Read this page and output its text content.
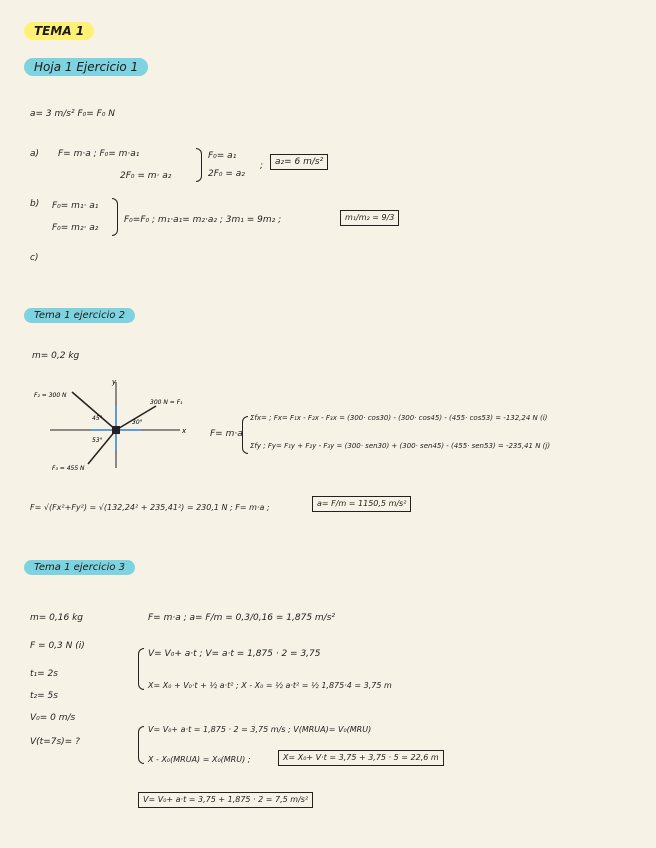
TEMA 1
Hoja 1 Ejercicio 1
a= 3 m/s² F₀= F₀ N
a) F= m·a ; F₀= m·a₁
2F₀ = m· a₂
F₀= a₁
2F₀ = a₂
;	a₂= 6 m/s²
b) F₀= m₁· a₁
F₀= m₂· a₂
F₀=F₀ ; m₁·a₁= m₂·a₂ ; 3m₁ = 9m₂ ;	m₁/m₂ = 9/3
c)
Tema 1 ejercicio 2
m= 0,2 kg
F₂ = 300 N
300 N = F₁
F₃ = 455 N
45°
30°
53°
x
y
F= m·a
Σfx= ; Fx= F₁x - F₂x - F₃x = (300· cos30) - (300· cos45) - (455· cos53) = -132,24 N (i)
Σfy ; Fy= F₁y + F₂y - F₃y = (300· sen30) + (300· sen45) - (455· sen53) = -235,41 N (j)
F= √(Fx²+Fy²) = √(132,24² + 235,41²) = 230,1 N ; F= m·a ;	a= F/m = 1150,5 m/s²
Tema 1 ejercicio 3
m= 0,16 kg
F = 0,3 N (i)
t₁= 2s
t₂= 5s
V₀= 0 m/s
V(t=7s)= ?
F= m·a ; a= F/m = 0,3/0,16 = 1,875 m/s²
V= V₀+ a·t ; V= a·t = 1,875 · 2 = 3,75
X= X₀ + V₀·t + ½ a·t² ; X - X₀ = ½ a·t² = ½ 1,875·4 = 3,75 m
V= V₀+ a·t = 1,875 · 2 = 3,75 m/s ; V(MRUA)= V₀(MRU)
X - X₀(MRUA) = X₀(MRU) ;	X= X₀+ V·t = 3,75 + 3,75 · 5 = 22,6 m
V= V₀+ a·t = 3,75 + 1,875 · 2 = 7,5 m/s²
